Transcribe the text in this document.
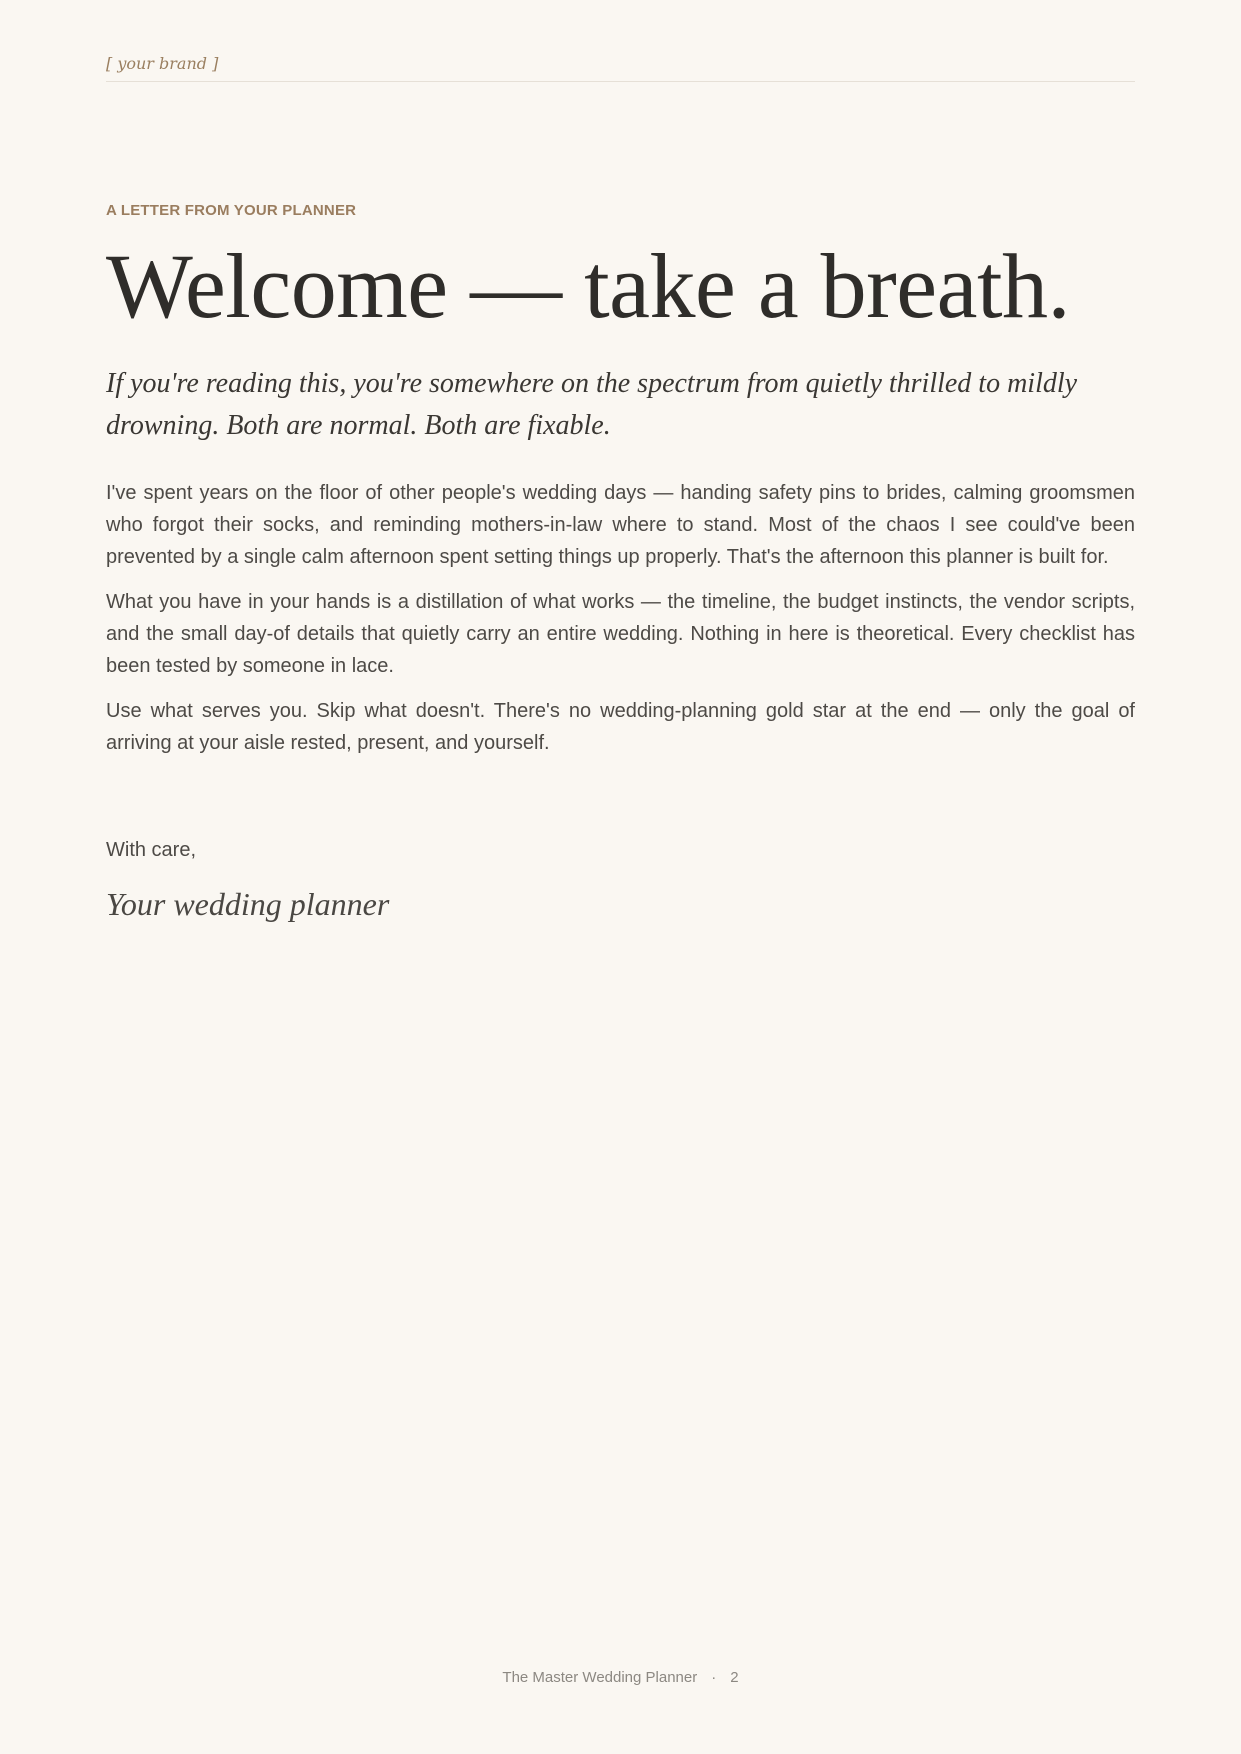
[ your brand ]
A LETTER FROM YOUR PLANNER
Welcome — take a breath.

If you're reading this, you're somewhere on the spectrum from quietly thrilled to mildly drowning. Both are normal. Both are fixable.

I've spent years on the floor of other people's wedding days — handing safety pins to brides, calming groomsmen who forgot their socks, and reminding mothers-in-law where to stand. Most of the chaos I see could've been prevented by a single calm afternoon spent setting things up properly. That's the afternoon this planner is built for.

What you have in your hands is a distillation of what works — the timeline, the budget instincts, the vendor scripts, and the small day-of details that quietly carry an entire wedding. Nothing in here is theoretical. Every checklist has been tested by someone in lace.

Use what serves you. Skip what doesn't. There's no wedding-planning gold star at the end — only the goal of arriving at your aisle rested, present, and yourself.

With care,
Your wedding planner
The Master Wedding Planner · 2
